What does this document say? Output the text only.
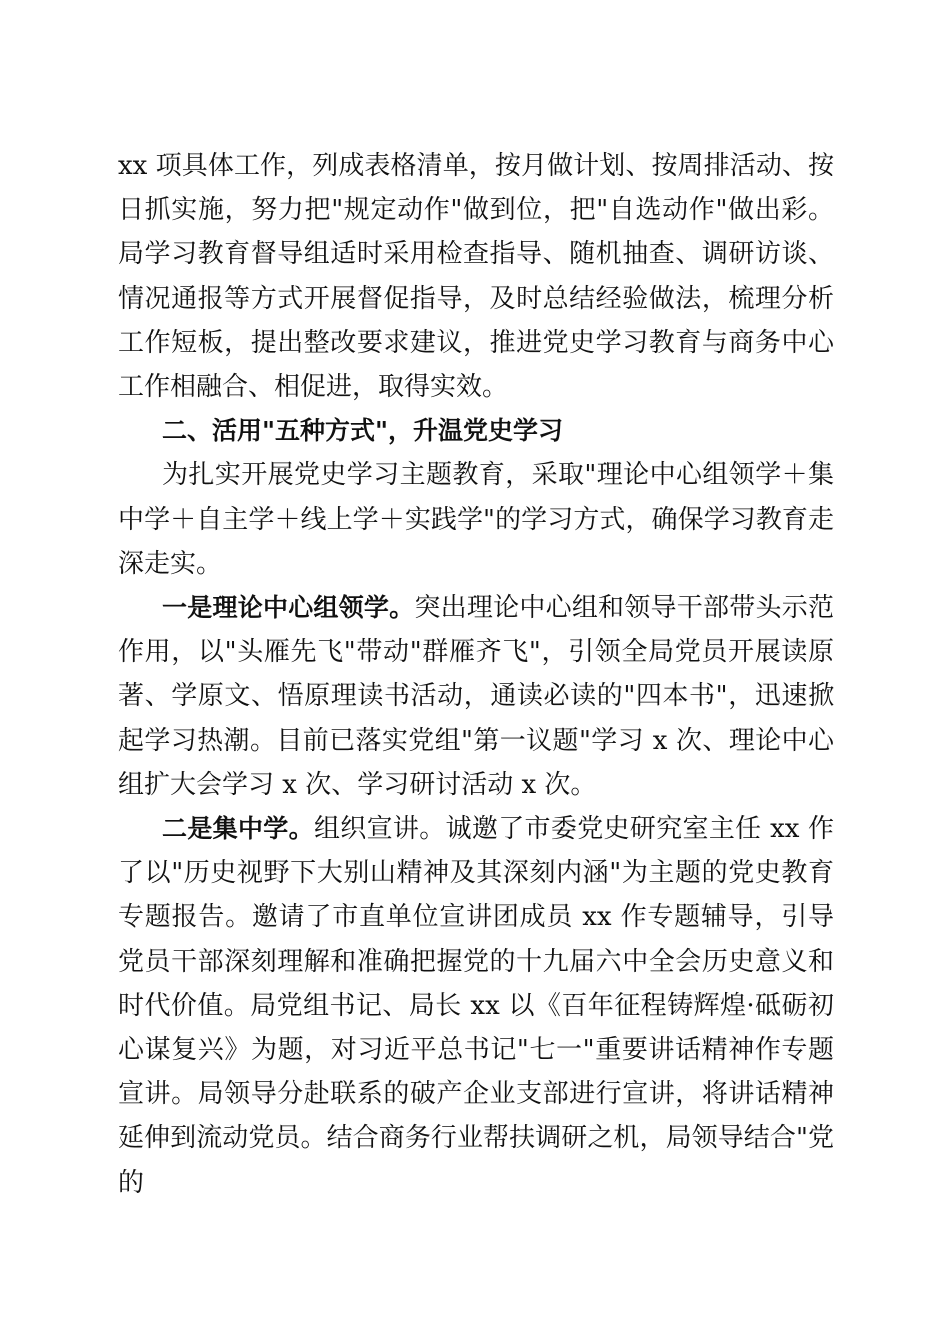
xx 项具体工作，列成表格清单，按月做计划、按周排活动、按日抓实施，努力把"规定动作"做到位，把"自选动作"做出彩。局学习教育督导组适时采用检查指导、随机抽查、调研访谈、情况通报等方式开展督促指导，及时总结经验做法，梳理分析工作短板，提出整改要求建议，推进党史学习教育与商务中心工作相融合、相促进，取得实效。

二、活用"五种方式"，升温党史学习

为扎实开展党史学习主题教育，采取"理论中心组领学＋集中学＋自主学＋线上学＋实践学"的学习方式，确保学习教育走深走实。

一是理论中心组领学。突出理论中心组和领导干部带头示范作用，以"头雁先飞"带动"群雁齐飞"，引领全局党员开展读原著、学原文、悟原理读书活动，通读必读的"四本书"，迅速掀起学习热潮。目前已落实党组"第一议题"学习 x 次、理论中心组扩大会学习 x 次、学习研讨活动 x 次。

二是集中学。组织宣讲。诚邀了市委党史研究室主任 xx 作了以"历史视野下大别山精神及其深刻内涵"为主题的党史教育专题报告。邀请了市直单位宣讲团成员 xx 作专题辅导，引导党员干部深刻理解和准确把握党的十九届六中全会历史意义和时代价值。局党组书记、局长 xx 以《百年征程铸辉煌·砥砺初心谋复兴》为题，对习近平总书记"七一"重要讲话精神作专题宣讲。局领导分赴联系的破产企业支部进行宣讲，将讲话精神延伸到流动党员。结合商务行业帮扶调研之机，局领导结合"党的
